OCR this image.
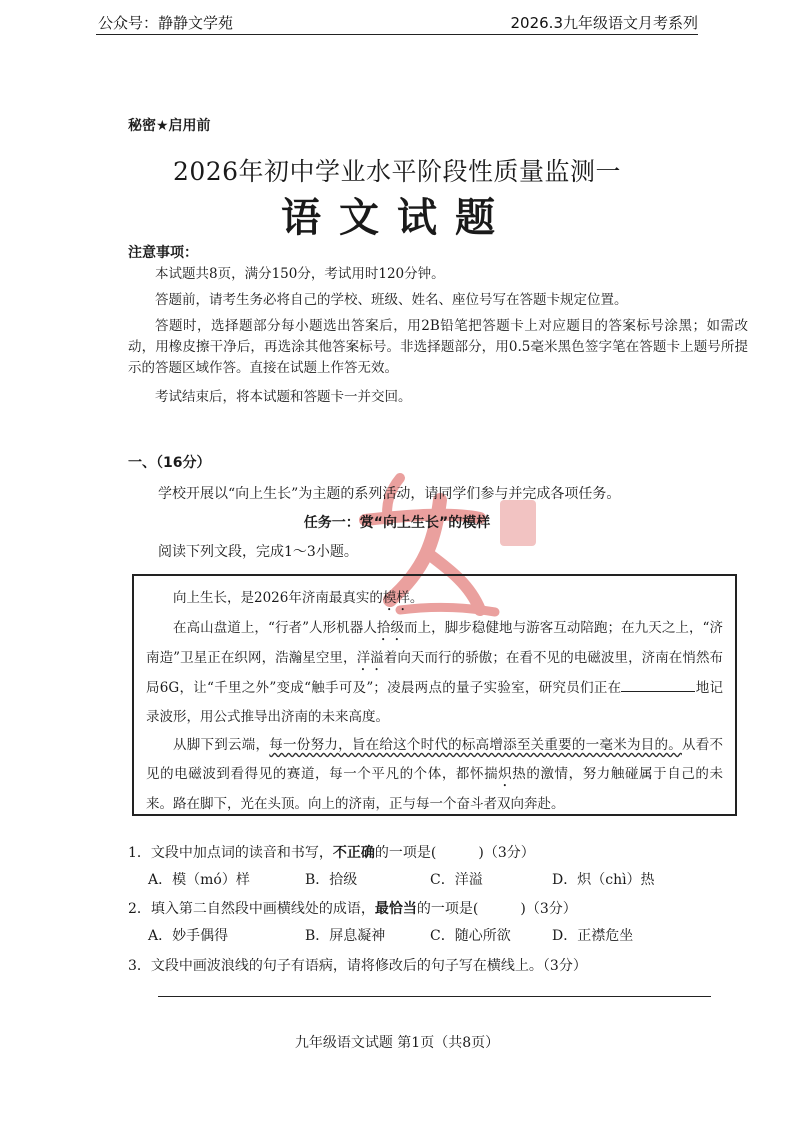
公众号：静静文学苑	2026.3九年级语文月考系列
秘密★启用前
2026年初中学业水平阶段性质量监测一
语文试题
注意事项：
本试题共8页，满分150分，考试用时120分钟。
答题前，请考生务必将自己的学校、班级、姓名、座位号写在答题卡规定位置。
答题时，选择题部分每小题选出答案后，用2B铅笔把答题卡上对应题目的答案标号涂黑；如需改动，用橡皮擦干净后，再选涂其他答案标号。非选择题部分，用0.5毫米黑色签字笔在答题卡上题号所提示的答题区域作答。直接在试题上作答无效。
考试结束后，将本试题和答题卡一并交回。
一、（16分）
学校开展以“向上生长”为主题的系列活动，请同学们参与并完成各项任务。
任务一：赏“向上生长”的模样
阅读下列文段，完成1～3小题。

向上生长，是2026年济南最真实的模样。

在高山盘道上，“行者”人形机器人拾级而上，脚步稳健地与游客互动陪跑；在九天之上，“济南造”卫星正在织网，浩瀚星空里，洋溢着向天而行的骄傲；在看不见的电磁波里，济南在悄然布局6G，让“千里之外”变成“触手可及”；凌晨两点的量子实验室，研究员们正在	地记录波形，用公式推导出济南的未来高度。

从脚下到云端，每一份努力，旨在给这个时代的标高增添至关重要的一毫米为目的。从看不见的电磁波到看得见的赛道，每一个平凡的个体，都怀揣炽热的激情，努力触碰属于自己的未来。路在脚下，光在头顶。向上的济南，正与每一个奋斗者双向奔赴。

1．文段中加点词的读音和书写，不正确的一项是(　　　)（3分）
A．模（mó）样	B．拾级	C．洋溢	D．炽（chì）热
2．填入第二自然段中画横线处的成语，最恰当的一项是(　　　)（3分）
A．妙手偶得	B．屏息凝神	C．随心所欲	D．正襟危坐
3．文段中画波浪线的句子有语病，请将修改后的句子写在横线上。（3分）
九年级语文试题 第1页（共8页）
